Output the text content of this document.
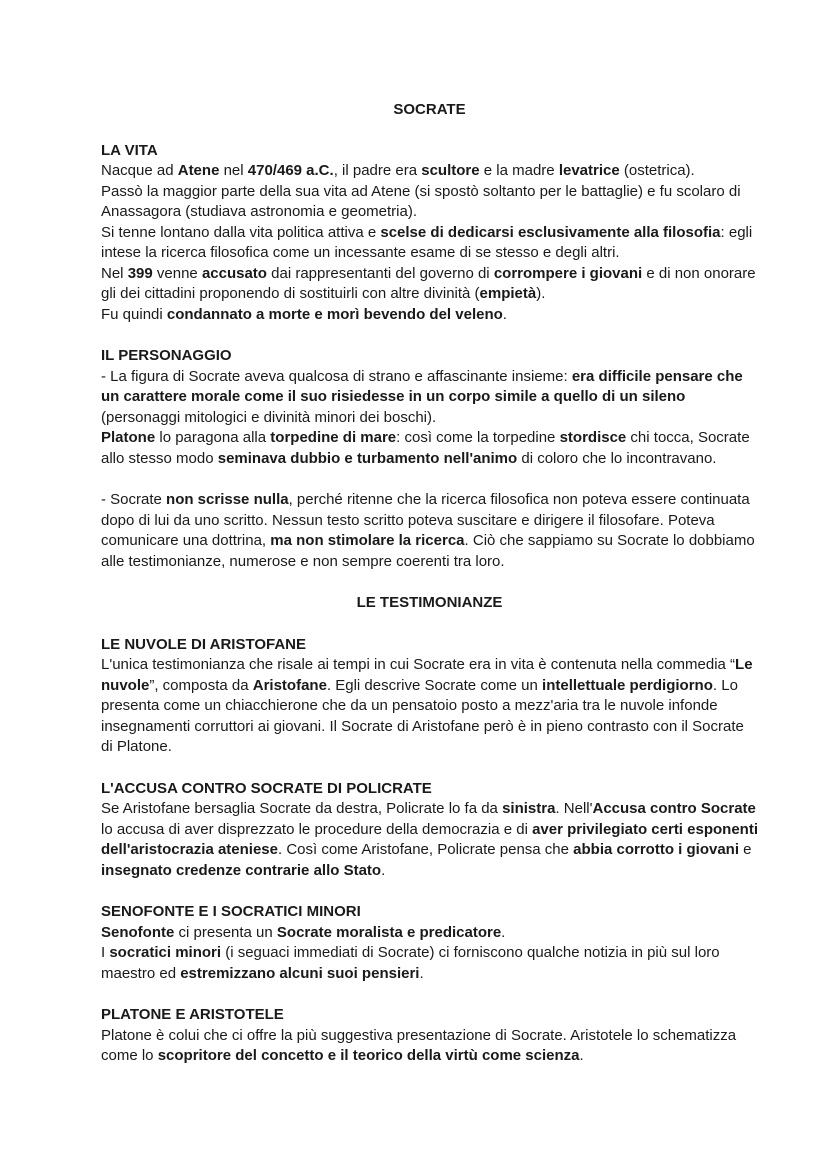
SOCRATE
LA VITA

Nacque ad Atene nel 470/469 a.C., il padre era scultore e la madre levatrice (ostetrica).

Passò la maggior parte della sua vita ad Atene (si spostò soltanto per le battaglie) e fu scolaro di Anassagora (studiava astronomia e geometria).

Si tenne lontano dalla vita politica attiva e scelse di dedicarsi esclusivamente alla filosofia: egli intese la ricerca filosofica come un incessante esame di se stesso e degli altri.

Nel 399 venne accusato dai rappresentanti del governo di corrompere i giovani e di non onorare gli dei cittadini proponendo di sostituirli con altre divinità (empietà).

Fu quindi condannato a morte e morì bevendo del veleno.

IL PERSONAGGIO

- La figura di Socrate aveva qualcosa di strano e affascinante insieme: era difficile pensare che un carattere morale come il suo risiedesse in un corpo simile a quello di un sileno (personaggi mitologici e divinità minori dei boschi).

Platone lo paragona alla torpedine di mare: così come la torpedine stordisce chi tocca, Socrate allo stesso modo seminava dubbio e turbamento nell'animo di coloro che lo incontravano.

- Socrate non scrisse nulla, perché ritenne che la ricerca filosofica non poteva essere continuata dopo di lui da uno scritto. Nessun testo scritto poteva suscitare e dirigere il filosofare. Poteva comunicare una dottrina, ma non stimolare la ricerca. Ciò che sappiamo su Socrate lo dobbiamo alle testimonianze, numerose e non sempre coerenti tra loro.

LE TESTIMONIANZE
LE NUVOLE DI ARISTOFANE

L'unica testimonianza che risale ai tempi in cui Socrate era in vita è contenuta nella commedia “Le nuvole”, composta da Aristofane. Egli descrive Socrate come un intellettuale perdigiorno. Lo presenta come un chiacchierone che da un pensatoio posto a mezz'aria tra le nuvole infonde insegnamenti corruttori ai giovani. Il Socrate di Aristofane però è in pieno contrasto con il Socrate di Platone.

L'ACCUSA CONTRO SOCRATE DI POLICRATE

Se Aristofane bersaglia Socrate da destra, Policrate lo fa da sinistra. Nell'Accusa contro Socrate lo accusa di aver disprezzato le procedure della democrazia e di aver privilegiato certi esponenti dell'aristocrazia ateniese. Così come Aristofane, Policrate pensa che abbia corrotto i giovani e insegnato credenze contrarie allo Stato.

SENOFONTE E I SOCRATICI MINORI

Senofonte ci presenta un Socrate moralista e predicatore.

I socratici minori (i seguaci immediati di Socrate) ci forniscono qualche notizia in più sul loro maestro ed estremizzano alcuni suoi pensieri.

PLATONE E ARISTOTELE

Platone è colui che ci offre la più suggestiva presentazione di Socrate. Aristotele lo schematizza come lo scopritore del concetto e il teorico della virtù come scienza.
